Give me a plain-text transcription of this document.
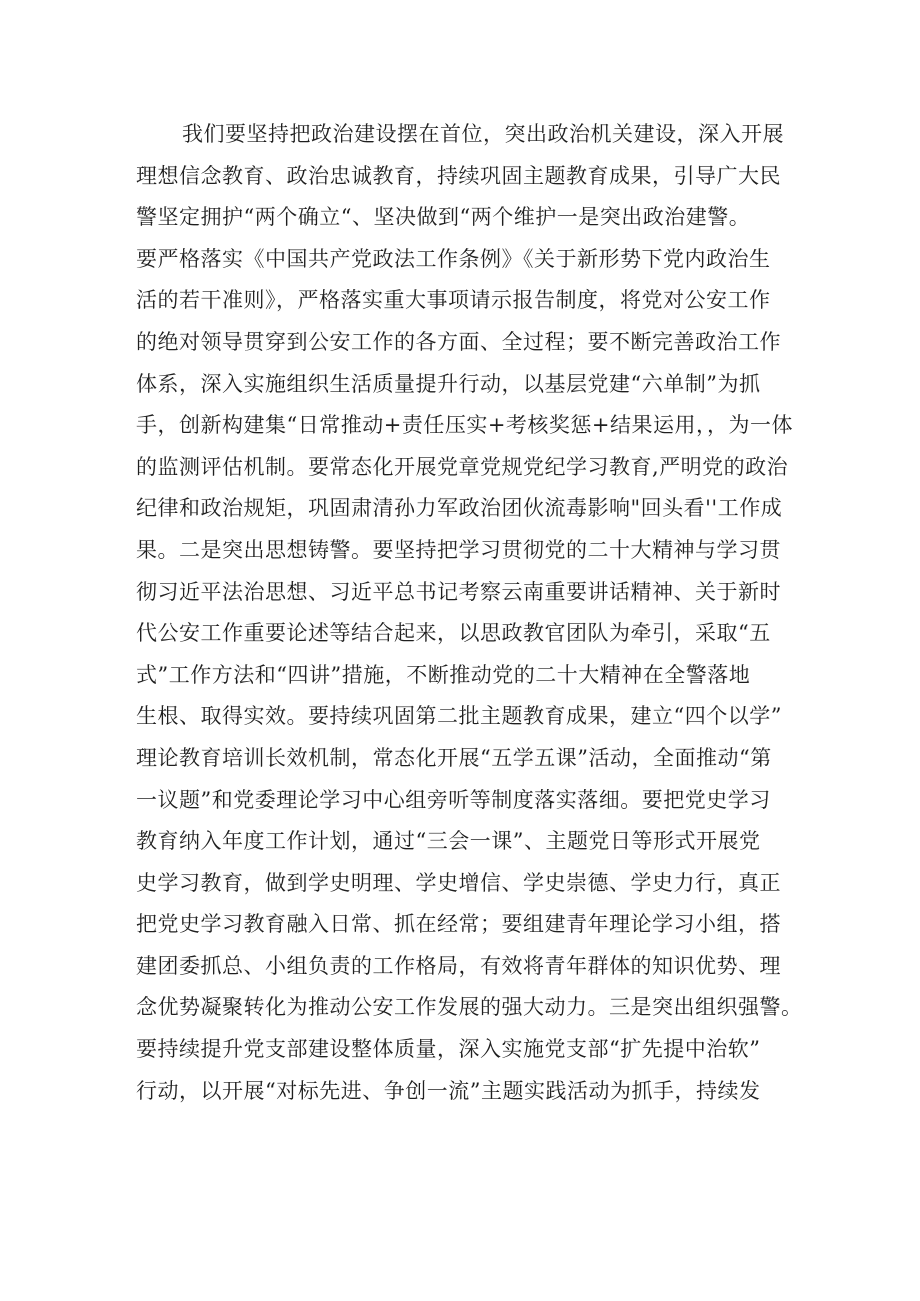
我们要坚持把政治建设摆在首位，突出政治机关建设，深入开展
理想信念教育、政治忠诚教育，持续巩固主题教育成果，引导广大民
警坚定拥护“两个确立“、坚决做到“两个维护一是突出政治建警。
要严格落实《中国共产党政法工作条例》《关于新形势下党内政治生
活的若干准则》，严格落实重大事项请示报告制度，将党对公安工作
的绝对领导贯穿到公安工作的各方面、全过程；要不断完善政治工作
体系，深入实施组织生活质量提升行动，以基层党建“六单制”为抓
手，创新构建集“日常推动+责任压实+考核奖惩+结果运用，，为一体
的监测评估机制。要常态化开展党章党规党纪学习教育,严明党的政治
纪律和政治规矩，巩固肃清孙力军政治团伙流毒影响"回头看''工作成
果。二是突出思想铸警。要坚持把学习贯彻党的二十大精神与学习贯
彻习近平法治思想、习近平总书记考察云南重要讲话精神、关于新时
代公安工作重要论述等结合起来，以思政教官团队为牵引，采取“五
式”工作方法和“四讲”措施，不断推动党的二十大精神在全警落地
生根、取得实效。要持续巩固第二批主题教育成果，建立“四个以学”
理论教育培训长效机制，常态化开展“五学五课”活动，全面推动“第
一议题”和党委理论学习中心组旁听等制度落实落细。要把党史学习
教育纳入年度工作计划，通过“三会一课”、主题党日等形式开展党
史学习教育，做到学史明理、学史增信、学史崇德、学史力行，真正
把党史学习教育融入日常、抓在经常；要组建青年理论学习小组，搭
建团委抓总、小组负责的工作格局，有效将青年群体的知识优势、理
念优势凝聚转化为推动公安工作发展的强大动力。三是突出组织强警。
要持续提升党支部建设整体质量，深入实施党支部“扩先提中治软”
行动，以开展“对标先进、争创一流”主题实践活动为抓手，持续发
